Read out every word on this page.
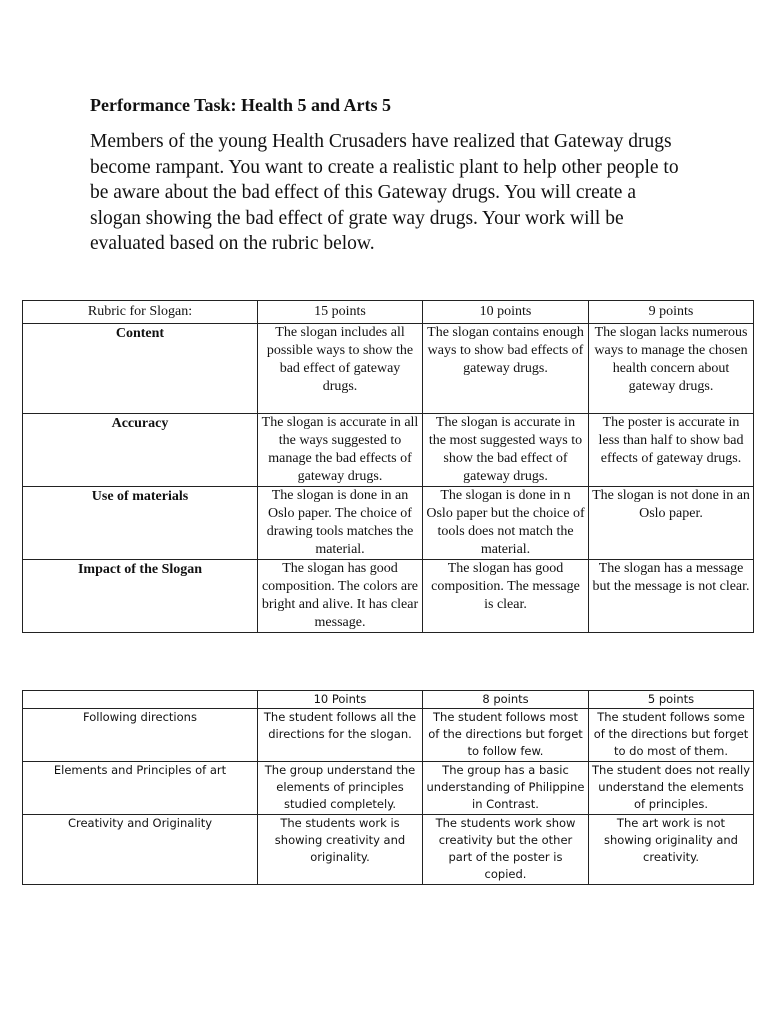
Performance Task: Health 5 and Arts 5

Members of the young Health Crusaders have realized that Gateway drugs become rampant. You want to create a realistic plant to help other people to be aware about the bad effect of this Gateway drugs. You will create a slogan showing the bad effect of grate way drugs. Your work will be evaluated based on the rubric below.

Rubric for Slogan:	15 points	10 points	9 points
Content	The slogan includes all possible ways to show the bad effect of gateway drugs.	The slogan contains enough ways to show bad effects of gateway drugs.	The slogan lacks numerous ways to manage the chosen health concern about gateway drugs.
Accuracy	The slogan is accurate in all the ways suggested to manage the bad effects of gateway drugs.	The slogan is accurate in the most suggested ways to show the bad effect of gateway drugs.	The poster is accurate in less than half to show bad effects of gateway drugs.
Use of materials	The slogan is done in an Oslo paper. The choice of drawing tools matches the material.	The slogan is done in n Oslo paper but the choice of tools does not match the material.	The slogan is not done in an Oslo paper.
Impact of the Slogan	The slogan has good composition. The colors are bright and alive. It has clear message.	The slogan has good composition. The message is clear.	The slogan has a message but the message is not clear.
	10 Points	8 points	5 points
Following directions	The student follows all the directions for the slogan.	The student follows most of the directions but forget to follow few.	The student follows some of the directions but forget to do most of them.
Elements and Principles of art	The group understand the elements of principles studied completely.	The group has a basic understanding of Philippine in Contrast.	The student does not really understand the elements of principles.
Creativity and Originality	The students work is showing creativity and originality.	The students work show creativity but the other part of the poster is copied.	The art work is not showing originality and creativity.
